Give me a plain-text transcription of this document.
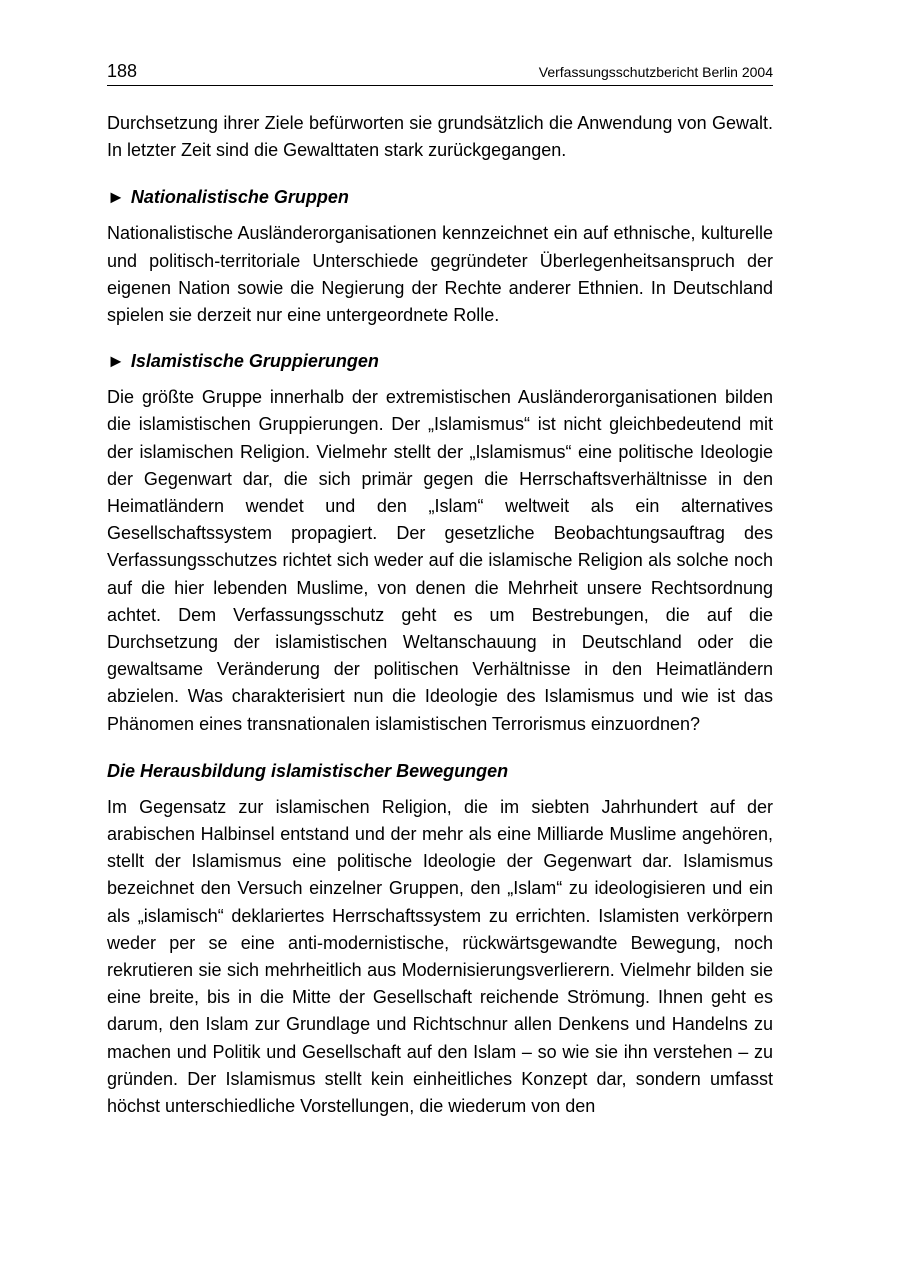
188	Verfassungsschutzbericht Berlin 2004

Durchsetzung ihrer Ziele befürworten sie grundsätzlich die Anwendung von Gewalt. In letzter Zeit sind die Gewalttaten stark zurückgegangen.

► Nationalistische Gruppen

Nationalistische Ausländerorganisationen kennzeichnet ein auf ethnische, kulturelle und politisch-territoriale Unterschiede gegründeter Überlegenheitsanspruch der eigenen Nation sowie die Negierung der Rechte anderer Ethnien. In Deutschland spielen sie derzeit nur eine untergeordnete Rolle.

► Islamistische Gruppierungen

Die größte Gruppe innerhalb der extremistischen Ausländerorganisationen bilden die islamistischen Gruppierungen. Der „Islamismus“ ist nicht gleichbedeutend mit der islamischen Religion. Vielmehr stellt der „Islamismus“ eine politische Ideologie der Gegenwart dar, die sich primär gegen die Herrschaftsverhältnisse in den Heimatländern wendet und den „Islam“ weltweit als ein alternatives Gesellschaftssystem propagiert. Der gesetzliche Beobachtungsauftrag des Verfassungsschutzes richtet sich weder auf die islamische Religion als solche noch auf die hier lebenden Muslime, von denen die Mehrheit unsere Rechtsordnung achtet. Dem Verfassungsschutz geht es um Bestrebungen, die auf die Durchsetzung der islamistischen Weltanschauung in Deutschland oder die gewaltsame Veränderung der politischen Verhältnisse in den Heimatländern abzielen. Was charakterisiert nun die Ideologie des Islamismus und wie ist das Phänomen eines transnationalen islamistischen Terrorismus einzuordnen?

Die Herausbildung islamistischer Bewegungen

Im Gegensatz zur islamischen Religion, die im siebten Jahrhundert auf der arabischen Halbinsel entstand und der mehr als eine Milliarde Muslime angehören, stellt der Islamismus eine politische Ideologie der Gegenwart dar. Islamismus bezeichnet den Versuch einzelner Gruppen, den „Islam“ zu ideologisieren und ein als „islamisch“ deklariertes Herrschaftssystem zu errichten. Islamisten verkörpern weder per se eine anti-modernistische, rückwärtsgewandte Bewegung, noch rekrutieren sie sich mehrheitlich aus Modernisierungsverlierern. Vielmehr bilden sie eine breite, bis in die Mitte der Gesellschaft reichende Strömung. Ihnen geht es darum, den Islam zur Grundlage und Richtschnur allen Denkens und Handelns zu machen und Politik und Gesellschaft auf den Islam – so wie sie ihn verstehen – zu gründen. Der Islamismus stellt kein einheitliches Konzept dar, sondern umfasst höchst unterschiedliche Vorstellungen, die wiederum von den
